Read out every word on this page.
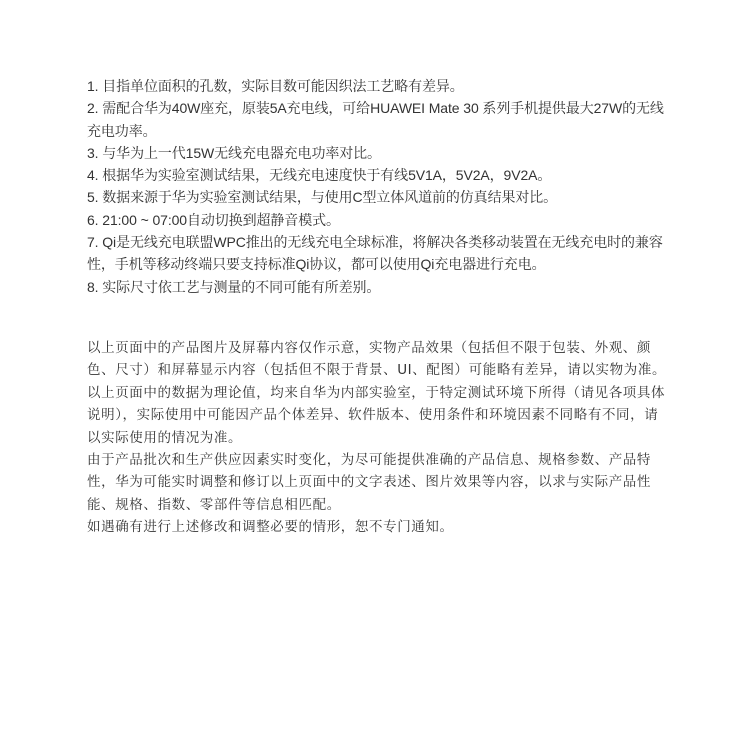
1. 目指单位面积的孔数，实际目数可能因织法工艺略有差异。
2. 需配合华为40W座充，原装5A充电线，可给HUAWEI Mate 30 系列手机提供最大27W的无线充电功率。
3. 与华为上一代15W无线充电器充电功率对比。
4. 根据华为实验室测试结果，无线充电速度快于有线5V1A，5V2A，9V2A。
5. 数据来源于华为实验室测试结果，与使用C型立体风道前的仿真结果对比。
6. 21:00 ~ 07:00自动切换到超静音模式。
7. Qi是无线充电联盟WPC推出的无线充电全球标准，将解决各类移动装置在无线充电时的兼容性，手机等移动终端只要支持标准Qi协议，都可以使用Qi充电器进行充电。
8. 实际尺寸依工艺与测量的不同可能有所差别。

以上页面中的产品图片及屏幕内容仅作示意，实物产品效果（包括但不限于包装、外观、颜色、尺寸）和屏幕显示内容（包括但不限于背景、UI、配图）可能略有差异，请以实物为准。

以上页面中的数据为理论值，均来自华为内部实验室，于特定测试环境下所得（请见各项具体说明），实际使用中可能因产品个体差异、软件版本、使用条件和环境因素不同略有不同，请以实际使用的情况为准。

由于产品批次和生产供应因素实时变化，为尽可能提供准确的产品信息、规格参数、产品特性，华为可能实时调整和修订以上页面中的文字表述、图片效果等内容，以求与实际产品性能、规格、指数、零部件等信息相匹配。

如遇确有进行上述修改和调整必要的情形，恕不专门通知。
